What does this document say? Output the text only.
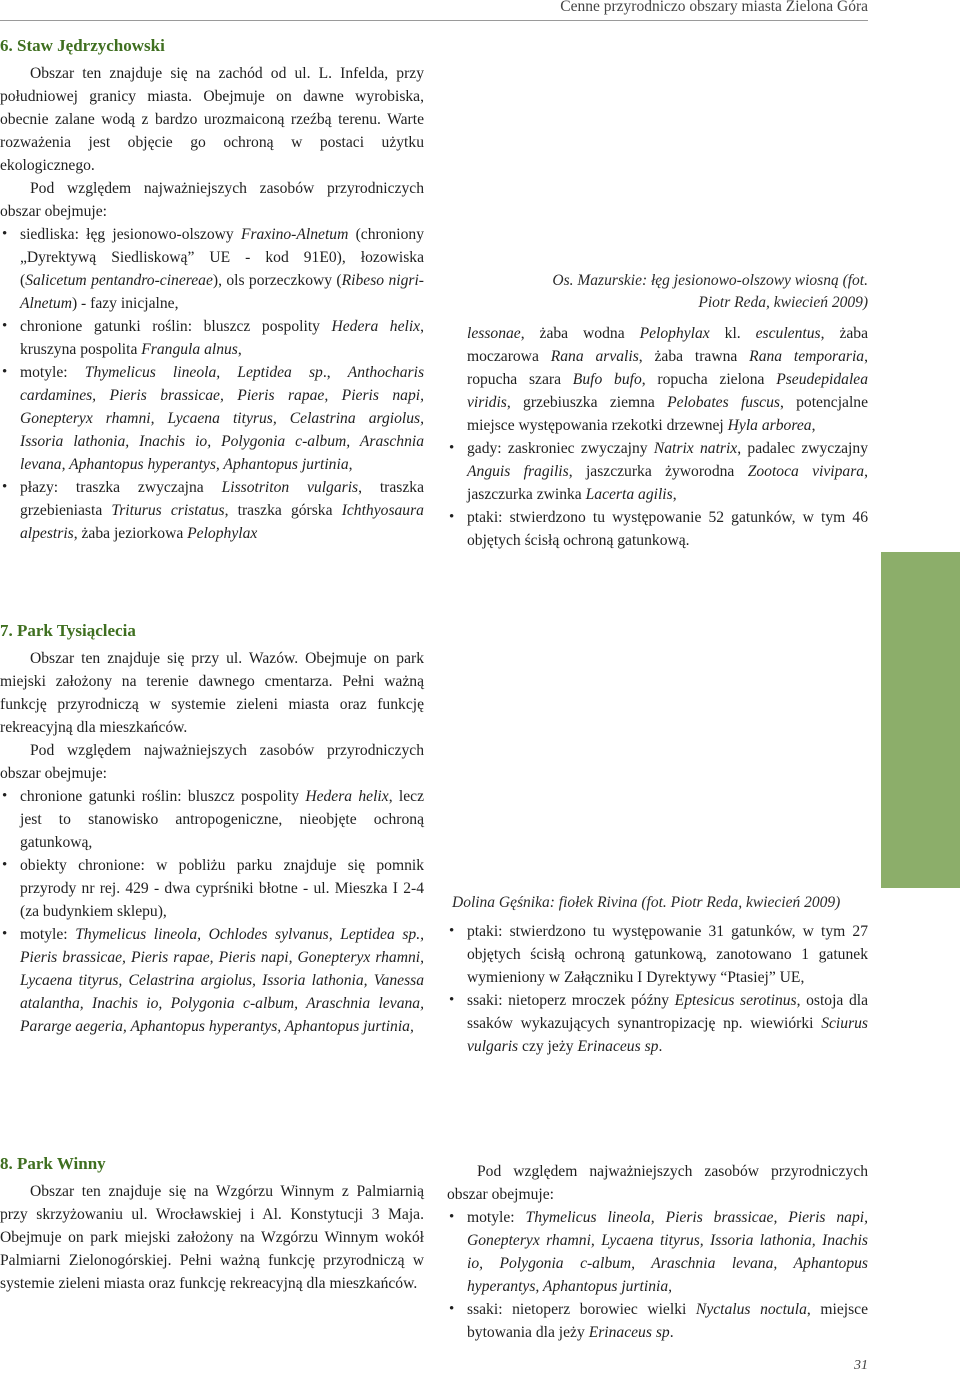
Cenne przyrodniczo obszary miasta Zielona Góra
6. Staw Jędrzychowski

Obszar ten znajduje się na zachód od ul. L. Infelda, przy południowej granicy miasta. Obejmuje on dawne wyrobiska, obecnie zalane wodą z bardzo urozmaiconą rzeźbą terenu. Warte rozważenia jest objęcie go ochroną w postaci użytku ekologicznego.

Pod względem najważniejszych zasobów przyrodniczych obszar obejmuje:

• siedliska: łęg jesionowo-olszowy Fraxino-Alnetum (chroniony „Dyrektywą Siedliskową” UE - kod 91E0), łozowiska (Salicetum pentandro-cinereae), ols porzeczkowy (Ribeso nigri-Alnetum) - fazy inicjalne,
• chronione gatunki roślin: bluszcz pospolity Hedera helix, kruszyna pospolita Frangula alnus,
• motyle: Thymelicus lineola, Leptidea sp., Anthocharis cardamines, Pieris brassicae, Pieris rapae, Pieris napi, Gonepteryx rhamni, Lycaena tityrus, Celastrina argiolus, Issoria lathonia, Inachis io, Polygonia c-album, Araschnia levana, Aphantopus hyperantys, Aphantopus jurtinia,
• płazy: traszka zwyczajna Lissotriton vulgaris, traszka grzebieniasta Triturus cristatus, traszka górska Ichthyosaura alpestris, żaba jeziorkowa Pelophylax
Os. Mazurskie: łęg jesionowo-olszowy wiosną (fot. Piotr Reda, kwiecień 2009)

lessonae, żaba wodna Pelophylax kl. esculentus, żaba moczarowa Rana arvalis, żaba trawna Rana temporaria, ropucha szara Bufo bufo, ropucha zielona Pseudepidalea viridis, grzebiuszka ziemna Pelobates fuscus, potencjalne miejsce występowania rzekotki drzewnej Hyla arborea,

• gady: zaskroniec zwyczajny Natrix natrix, padalec zwyczajny Anguis fragilis, jaszczurka żyworodna Zootoca vivipara, jaszczurka zwinka Lacerta agilis,
• ptaki: stwierdzono tu występowanie 52 gatunków, w tym 46 objętych ścisłą ochroną gatunkową.
7. Park Tysiąclecia

Obszar ten znajduje się przy ul. Wazów. Obejmuje on park miejski założony na terenie dawnego cmentarza. Pełni ważną funkcję przyrodniczą w systemie zieleni miasta oraz funkcję rekreacyjną dla mieszkańców.

Pod względem najważniejszych zasobów przyrodniczych obszar obejmuje:

• chronione gatunki roślin: bluszcz pospolity Hedera helix, lecz jest to stanowisko antropogeniczne, nieobjęte ochroną gatunkową,
• obiekty chronione: w pobliżu parku znajduje się pomnik przyrody nr rej. 429 - dwa cyprśniki błotne - ul. Mieszka I 2-4 (za budynkiem sklepu),
• motyle: Thymelicus lineola, Ochlodes sylvanus, Leptidea sp., Pieris brassicae, Pieris rapae, Pieris napi, Gonepteryx rhamni, Lycaena tityrus, Celastrina argiolus, Issoria lathonia, Vanessa atalantha, Inachis io, Polygonia c-album, Araschnia levana, Pararge aegeria, Aphantopus hyperantys, Aphantopus jurtinia,
Dolina Gęśnika: fiołek Rivina (fot. Piotr Reda, kwiecień 2009)
• ptaki: stwierdzono tu występowanie 31 gatunków, w tym 27 objętych ścisłą ochroną gatunkową, zanotowano 1 gatunek wymieniony w Załączniku I Dyrektywy “Ptasiej” UE,
• ssaki: nietoperz mroczek późny Eptesicus serotinus, ostoja dla ssaków wykazujących synantropizację np. wiewiórki Sciurus vulgaris czy jeży Erinaceus sp.
8. Park Winny

Obszar ten znajduje się na Wzgórzu Winnym z Palmiarnią przy skrzyżowaniu ul. Wrocławskiej i Al. Konstytucji 3 Maja. Obejmuje on park miejski założony na Wzgórzu Winnym wokół Palmiarni Zielonogórskiej. Pełni ważną funkcję przyrodniczą w systemie zieleni miasta oraz funkcję rekreacyjną dla mieszkańców.

Pod względem najważniejszych zasobów przyrodniczych obszar obejmuje:

• motyle: Thymelicus lineola, Pieris brassicae, Pieris napi, Gonepteryx rhamni, Lycaena tityrus, Issoria lathonia, Inachis io, Polygonia c-album, Araschnia levana, Aphantopus hyperantys, Aphantopus jurtinia,
• ssaki: nietoperz borowiec wielki Nyctalus noctula, miejsce bytowania dla jeży Erinaceus sp.
31
